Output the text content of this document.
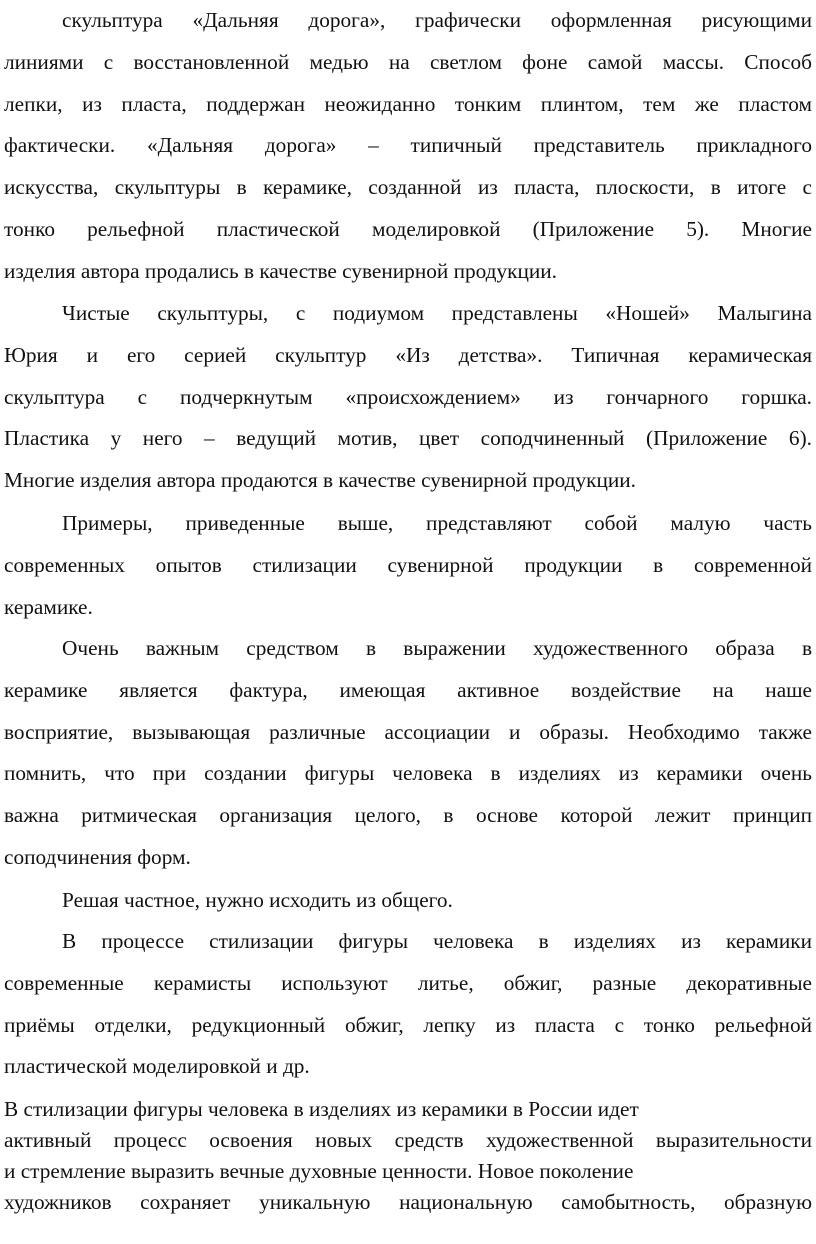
скульптура «Дальняя дорога», графически оформленная рисующими
линиями с восстановленной медью на светлом фоне самой массы. Способ
лепки, из пласта, поддержан неожиданно тонким плинтом, тем же пластом
фактически. «Дальняя дорога» – типичный представитель прикладного
искусства, скульптуры в керамике, созданной из пласта, плоскости, в итоге с
тонко рельефной пластической моделировкой (Приложение 5). Многие
изделия автора продались в качестве сувенирной продукции.
Чистые скульптуры, с подиумом представлены «Ношей» Малыгина
Юрия и его серией скульптур «Из детства». Типичная керамическая
скульптура с подчеркнутым «происхождением» из гончарного горшка.
Пластика у него – ведущий мотив, цвет соподчиненный (Приложение 6).
Многие изделия автора продаются в качестве сувенирной продукции.
Примеры, приведенные выше, представляют собой малую часть
современных опытов стилизации сувенирной продукции в современной
керамике.
Очень важным средством в выражении художественного образа в
керамике является фактура, имеющая активное воздействие на наше
восприятие, вызывающая различные ассоциации и образы. Необходимо также
помнить, что при создании фигуры человека в изделиях из керамики очень
важна ритмическая организация целого, в основе которой лежит принцип
соподчинения форм.
Решая частное, нужно исходить из общего.
В процессе стилизации фигуры человека в изделиях из керамики
современные керамисты используют литье, обжиг, разные декоративные
приёмы отделки, редукционный обжиг, лепку из пласта с тонко рельефной
пластической моделировкой и др.
В стилизации фигуры человека в изделиях из керамики в России идет
активный процесс освоения новых средств художественной выразительности
и стремление выразить вечные духовные ценности. Новое поколение
художников сохраняет уникальную национальную самобытность, образную
